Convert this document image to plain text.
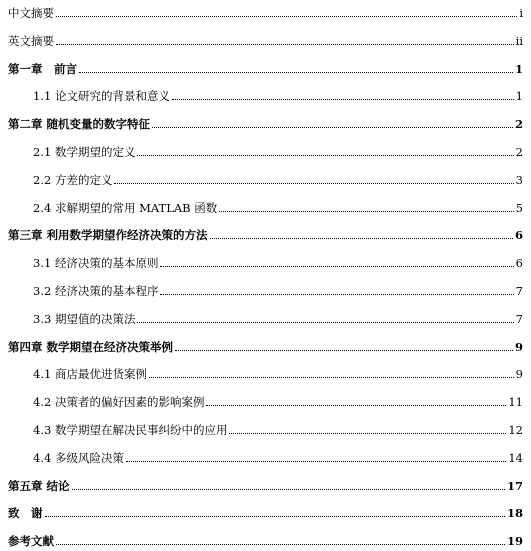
中文摘要	i
英文摘要	ii
第一章　前言	1
1.1 论文研究的背景和意义	1
第二章 随机变量的数字特征	2
2.1 数学期望的定义	2
2.2 方差的定义	3
2.4 求解期望的常用 MATLAB 函数	5
第三章 利用数学期望作经济决策的方法	6
3.1 经济决策的基本原则	6
3.2 经济决策的基本程序	7
3.3 期望值的决策法	7
第四章 数学期望在经济决策举例	9
4.1 商店最优进货案例	9
4.2 决策者的偏好因素的影响案例	11
4.3 数学期望在解决民事纠纷中的应用	12
4.4 多级风险决策	14
第五章 结论	17
致　谢	18
参考文献	19
